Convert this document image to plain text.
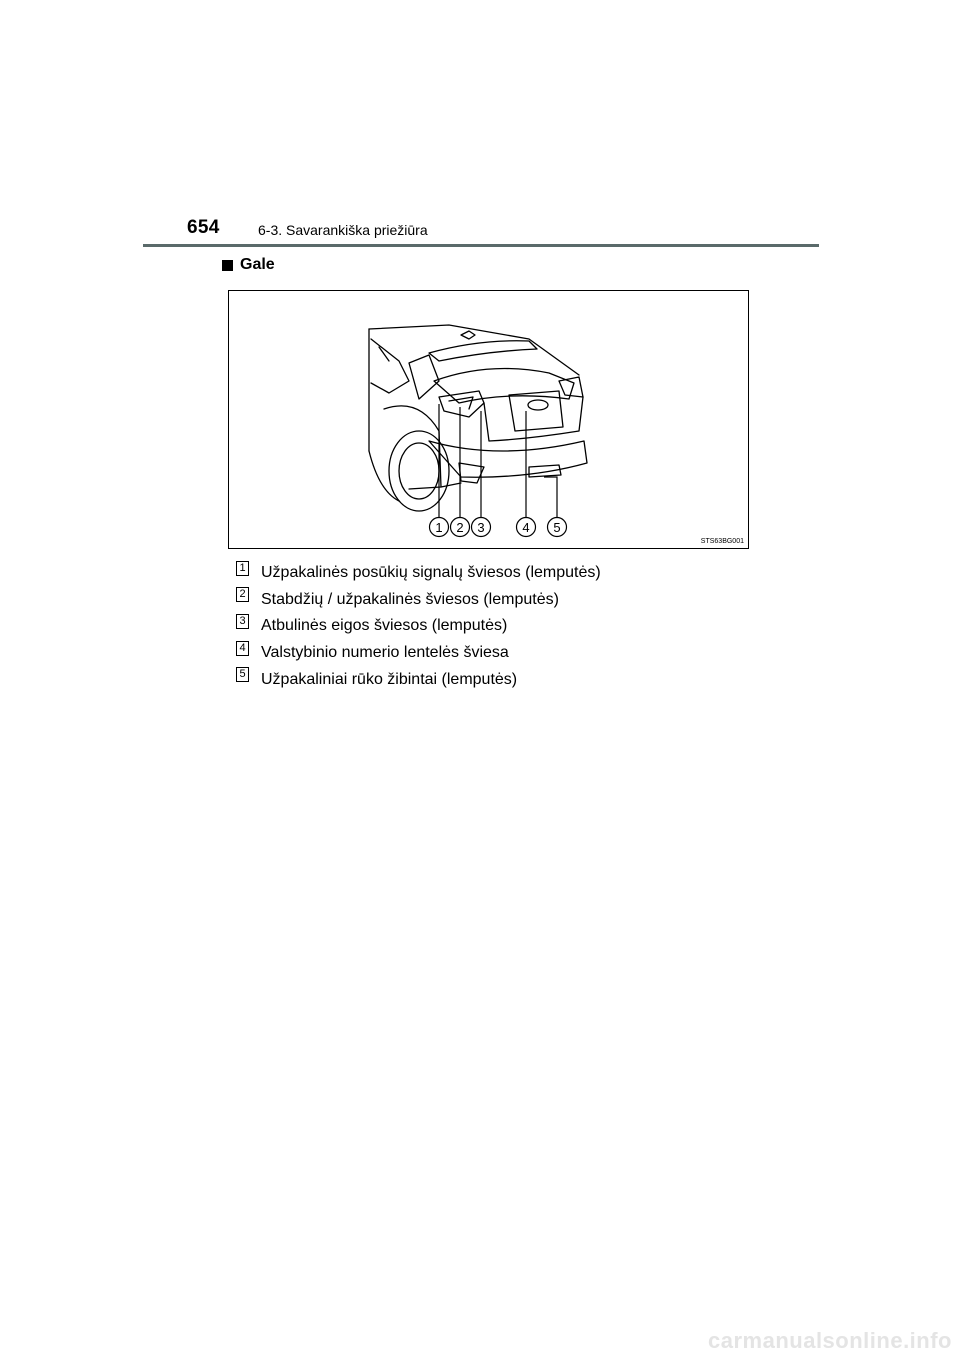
654	6-3. Savarankiška priežiūra
Gale
1 2 3	4 5
STS63BG001
1 Užpakalinės posūkių signalų šviesos (lemputės)
2 Stabdžių / užpakalinės šviesos (lemputės)
3 Atbulinės eigos šviesos (lemputės)
4 Valstybinio numerio lentelės šviesa
5 Užpakaliniai rūko žibintai (lemputės)
carmanualsonline.info
